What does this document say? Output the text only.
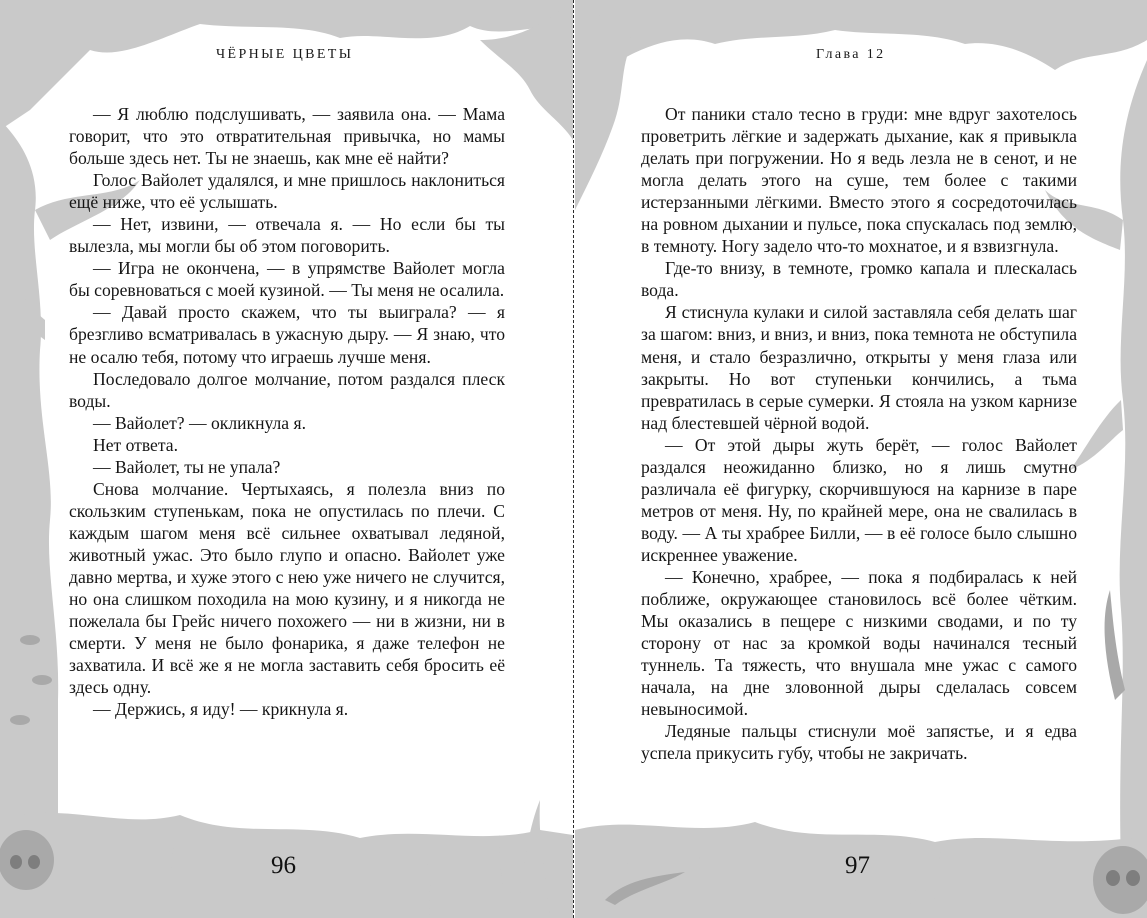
ЧЁРНЫЕ ЦВЕТЫ

— Я люблю подслушивать, — заявила она. — Мама говорит, что это отвратительная привычка, но мамы больше здесь нет. Ты не знаешь, как мне её найти?

Голос Вайолет удалялся, и мне пришлось наклониться ещё ниже, что её услышать.

— Нет, извини, — отвечала я. — Но если бы ты вылезла, мы могли бы об этом поговорить.

— Игра не окончена, — в упрямстве Вайолет могла бы соревноваться с моей кузиной. — Ты меня не осалила.

— Давай просто скажем, что ты выиграла? — я брезгливо всматривалась в ужасную дыру. — Я знаю, что не осалю тебя, потому что играешь лучше меня.

Последовало долгое молчание, потом раздался плеск воды.

— Вайолет? — окликнула я.

Нет ответа.

— Вайолет, ты не упала?

Снова молчание. Чертыхаясь, я полезла вниз по скользким ступенькам, пока не опустилась по плечи. С каждым шагом меня всё сильнее охватывал ледяной, животный ужас. Это было глупо и опасно. Вайолет уже давно мертва, и хуже этого с нею уже ничего не случится, но она слишком походила на мою кузину, и я никогда не пожелала бы Грейс ничего похожего — ни в жизни, ни в смерти. У меня не было фонарика, я даже телефон не захватила. И всё же я не могла заставить себя бросить её здесь одну.

— Держись, я иду! — крикнула я.

96
Глава 12

От паники стало тесно в груди: мне вдруг захотелось проветрить лёгкие и задержать дыхание, как я привыкла делать при погружении. Но я ведь лезла не в сенот, и не могла делать этого на суше, тем более с такими истерзанными лёгкими. Вместо этого я сосредоточилась на ровном дыхании и пульсе, пока спускалась под землю, в темноту. Ногу задело что-то мохнатое, и я взвизгнула.

Где-то внизу, в темноте, громко капала и плескалась вода.

Я стиснула кулаки и силой заставляла себя делать шаг за шагом: вниз, и вниз, и вниз, пока темнота не обступила меня, и стало безразлично, открыты у меня глаза или закрыты. Но вот ступеньки кончились, а тьма превратилась в серые сумерки. Я стояла на узком карнизе над блестевшей чёрной водой.

— От этой дыры жуть берёт, — голос Вайолет раздался неожиданно близко, но я лишь смутно различала её фигурку, скорчившуюся на карнизе в паре метров от меня. Ну, по крайней мере, она не свалилась в воду. — А ты храбрее Билли, — в её голосе было слышно искреннее уважение.

— Конечно, храбрее, — пока я подбиралась к ней поближе, окружающее становилось всё более чётким. Мы оказались в пещере с низкими сводами, и по ту сторону от нас за кромкой воды начинался тесный туннель. Та тяжесть, что внушала мне ужас с самого начала, на дне зловонной дыры сделалась совсем невыносимой.

Ледяные пальцы стиснули моё запястье, и я едва успела прикусить губу, чтобы не закричать.

97
